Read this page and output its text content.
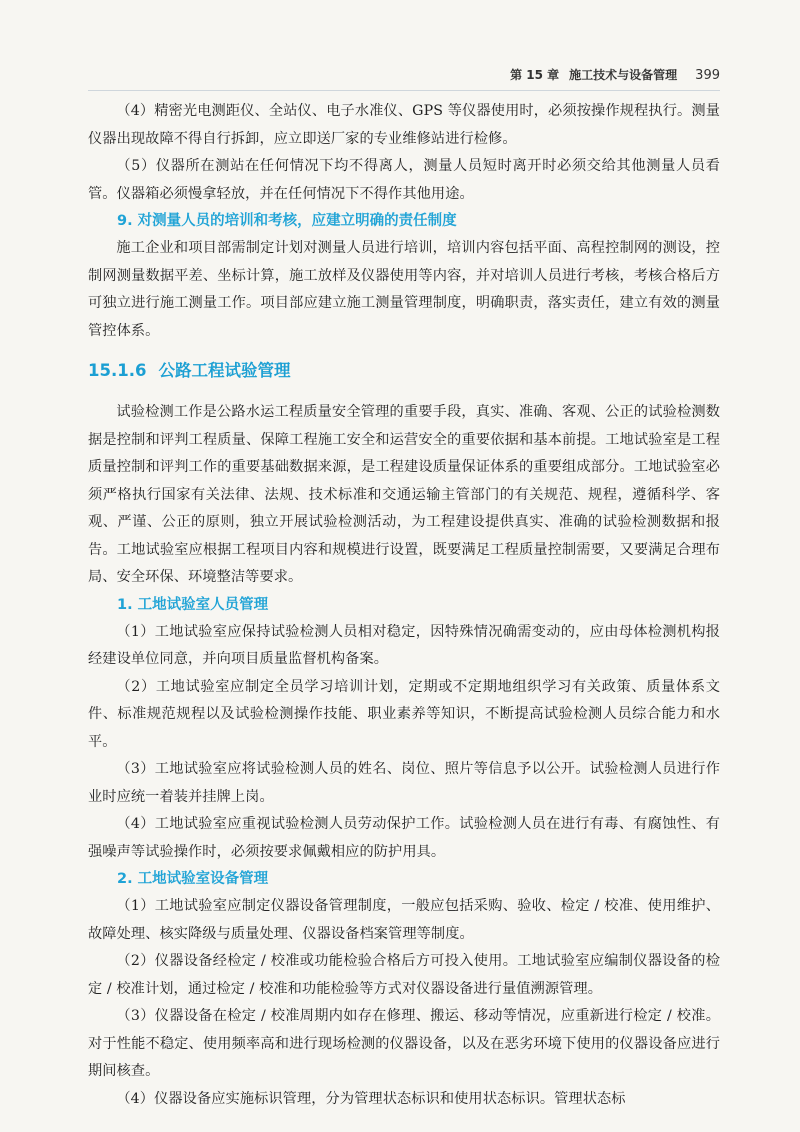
第 15 章 施工技术与设备管理 399

（4）精密光电测距仪、全站仪、电子水准仪、GPS 等仪器使用时，必须按操作规程执行。测量仪器出现故障不得自行拆卸，应立即送厂家的专业维修站进行检修。

（5）仪器所在测站在任何情况下均不得离人，测量人员短时离开时必须交给其他测量人员看管。仪器箱必须慢拿轻放，并在任何情况下不得作其他用途。

9. 对测量人员的培训和考核，应建立明确的责任制度

施工企业和项目部需制定计划对测量人员进行培训，培训内容包括平面、高程控制网的测设，控制网测量数据平差、坐标计算，施工放样及仪器使用等内容，并对培训人员进行考核，考核合格后方可独立进行施工测量工作。项目部应建立施工测量管理制度，明确职责，落实责任，建立有效的测量管控体系。

15.1.6 公路工程试验管理

试验检测工作是公路水运工程质量安全管理的重要手段，真实、准确、客观、公正的试验检测数据是控制和评判工程质量、保障工程施工安全和运营安全的重要依据和基本前提。工地试验室是工程质量控制和评判工作的重要基础数据来源，是工程建设质量保证体系的重要组成部分。工地试验室必须严格执行国家有关法律、法规、技术标准和交通运输主管部门的有关规范、规程，遵循科学、客观、严谨、公正的原则，独立开展试验检测活动，为工程建设提供真实、准确的试验检测数据和报告。工地试验室应根据工程项目内容和规模进行设置，既要满足工程质量控制需要，又要满足合理布局、安全环保、环境整洁等要求。

1. 工地试验室人员管理

（1）工地试验室应保持试验检测人员相对稳定，因特殊情况确需变动的，应由母体检测机构报经建设单位同意，并向项目质量监督机构备案。

（2）工地试验室应制定全员学习培训计划，定期或不定期地组织学习有关政策、质量体系文件、标准规范规程以及试验检测操作技能、职业素养等知识，不断提高试验检测人员综合能力和水平。

（3）工地试验室应将试验检测人员的姓名、岗位、照片等信息予以公开。试验检测人员进行作业时应统一着装并挂牌上岗。

（4）工地试验室应重视试验检测人员劳动保护工作。试验检测人员在进行有毒、有腐蚀性、有强噪声等试验操作时，必须按要求佩戴相应的防护用具。

2. 工地试验室设备管理

（1）工地试验室应制定仪器设备管理制度，一般应包括采购、验收、检定 / 校准、使用维护、故障处理、核实降级与质量处理、仪器设备档案管理等制度。

（2）仪器设备经检定 / 校准或功能检验合格后方可投入使用。工地试验室应编制仪器设备的检定 / 校准计划，通过检定 / 校准和功能检验等方式对仪器设备进行量值溯源管理。

（3）仪器设备在检定 / 校准周期内如存在修理、搬运、移动等情况，应重新进行检定 / 校准。对于性能不稳定、使用频率高和进行现场检测的仪器设备，以及在恶劣环境下使用的仪器设备应进行期间核查。

（4）仪器设备应实施标识管理，分为管理状态标识和使用状态标识。管理状态标
